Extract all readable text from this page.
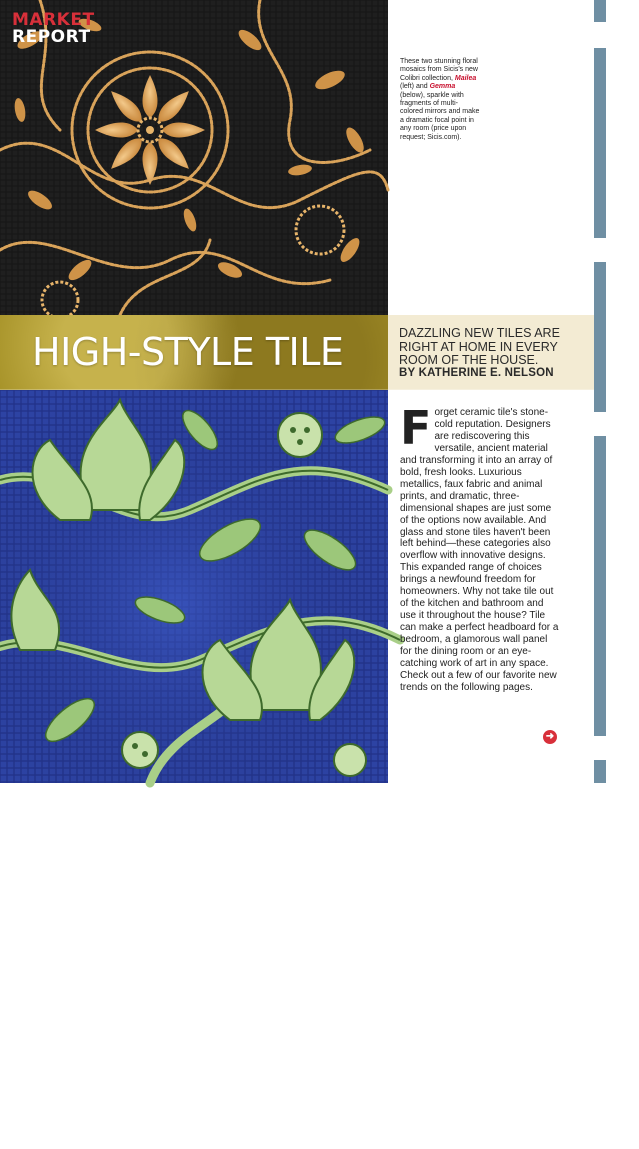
MARKET
REPORT
These two stunning floral mosaics from Sicis's new Colibri collection, Mailea (left) and Gemma (below), sparkle with fragments of multi-colored mirrors and make a dramatic focal point in any room (price upon request; Sicis.com).
HIGH-STYLE TILE	DAZZLING NEW TILES ARE RIGHT AT HOME IN EVERY ROOM OF THE HOUSE.
BY KATHERINE E. NELSON
124 NEW HOME MAY 08
Forget ceramic tile's stone-cold reputation. Designers are rediscovering this versatile, ancient material and transforming it into an array of bold, fresh looks. Luxurious metallics, faux fabric and animal prints, and dramatic, three-dimensional shapes are just some of the options now available. And glass and stone tiles haven't been left behind—these categories also overflow with innovative designs. This expanded range of choices brings a newfound freedom for homeowners. Why not take tile out of the kitchen and bathroom and use it throughout the house? Tile can make a perfect headboard for a bedroom, a glamorous wall panel for the dining room or an eye-catching work of art in any space. Check out a few of our favorite new trends on the following pages.
➜
